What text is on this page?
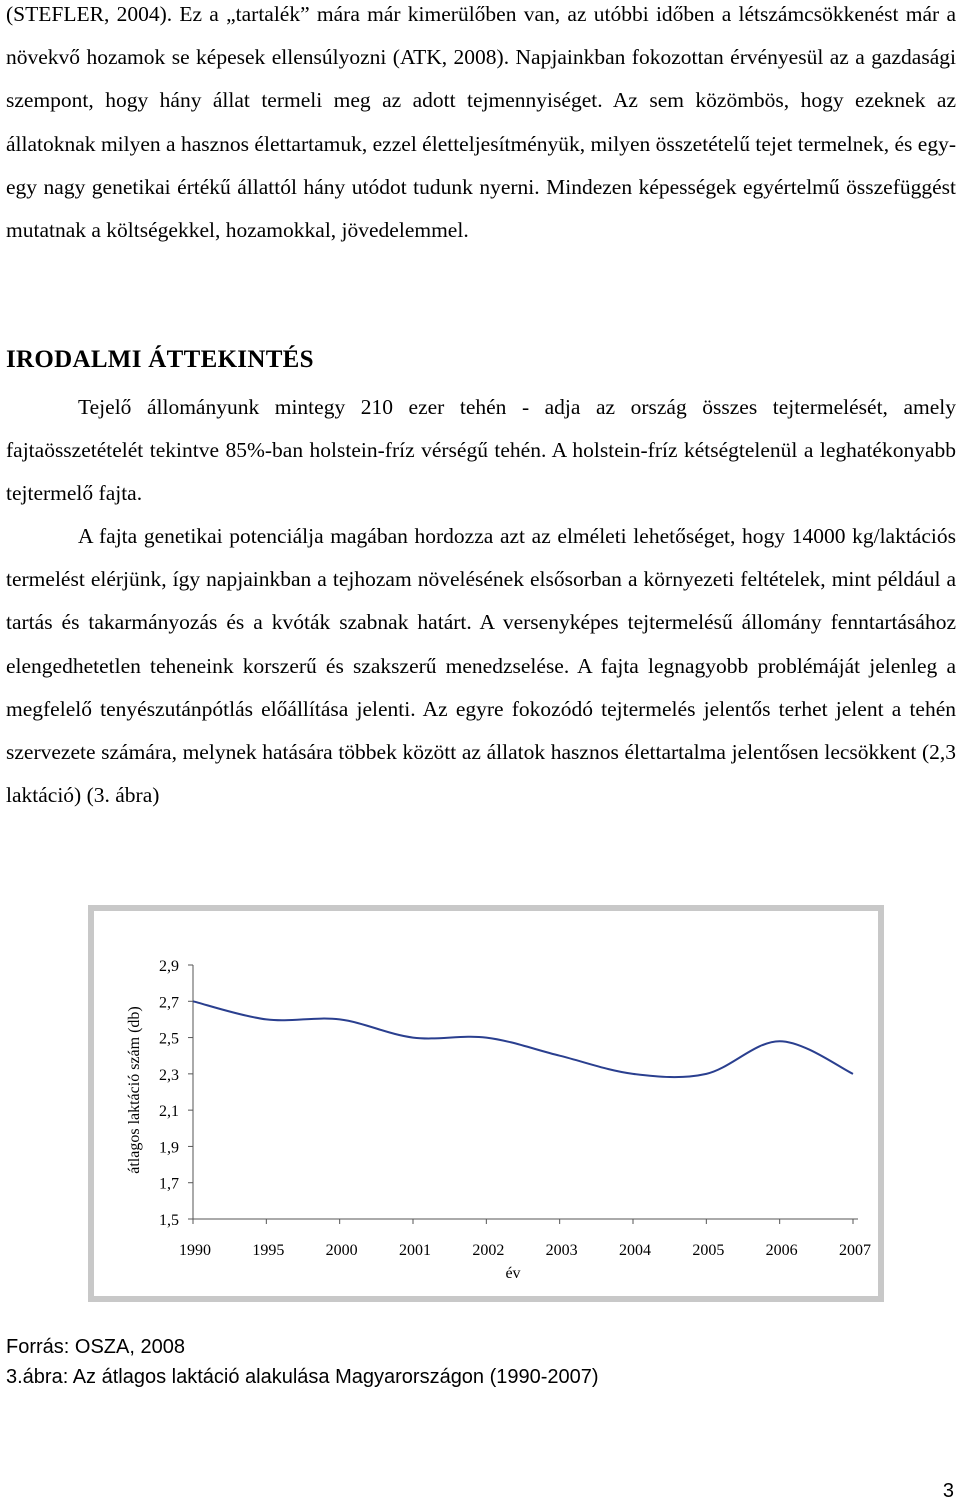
(STEFLER, 2004). Ez a „tartalék” mára már kimerülőben van, az utóbbi időben a létszámcsökkenést már a növekvő hozamok se képesek ellensúlyozni (ATK, 2008). Napjainkban fokozottan érvényesül az a gazdasági szempont, hogy hány állat termeli meg az adott tejmennyiséget. Az sem közömbös, hogy ezeknek az állatoknak milyen a hasznos élettartamuk, ezzel életteljesítményük, milyen összetételű tejet termelnek, és egy-egy nagy genetikai értékű állattól hány utódot tudunk nyerni. Mindezen képességek egyértelmű összefüggést mutatnak a költségekkel, hozamokkal, jövedelemmel.

IRODALMI ÁTTEKINTÉS

Tejelő állományunk mintegy 210 ezer tehén - adja az ország összes tejtermelését, amely fajtaösszetételét tekintve 85%-ban holstein-fríz vérségű tehén. A holstein-fríz kétségtelenül a leghatékonyabb tejtermelő fajta.

A fajta genetikai potenciálja magában hordozza azt az elméleti lehetőséget, hogy 14000 kg/laktációs termelést elérjünk, így napjainkban a tejhozam növelésének elsősorban a környezeti feltételek, mint például a tartás és takarmányozás és a kvóták szabnak határt. A versenyképes tejtermelésű állomány fenntartásához elengedhetetlen teheneink korszerű és szakszerű menedzselése. A fajta legnagyobb problémáját jelenleg a megfelelő tenyészutánpótlás előállítása jelenti. Az egyre fokozódó tejtermelés jelentős terhet jelent a tehén szervezete számára, melynek hatására többek között az állatok hasznos élettartalma jelentősen lecsökkent (2,3 laktáció) (3. ábra)

2,9
2,7
2,5
2,3
2,1
1,9
1,7
1,5
1990	1995	2000	2001	2002	2003	2004	2005	2006	2007
év
átlagos laktáció szám (db)

Forrás: OSZA, 2008

3.ábra: Az átlagos laktáció alakulása Magyarországon (1990-2007)

3
